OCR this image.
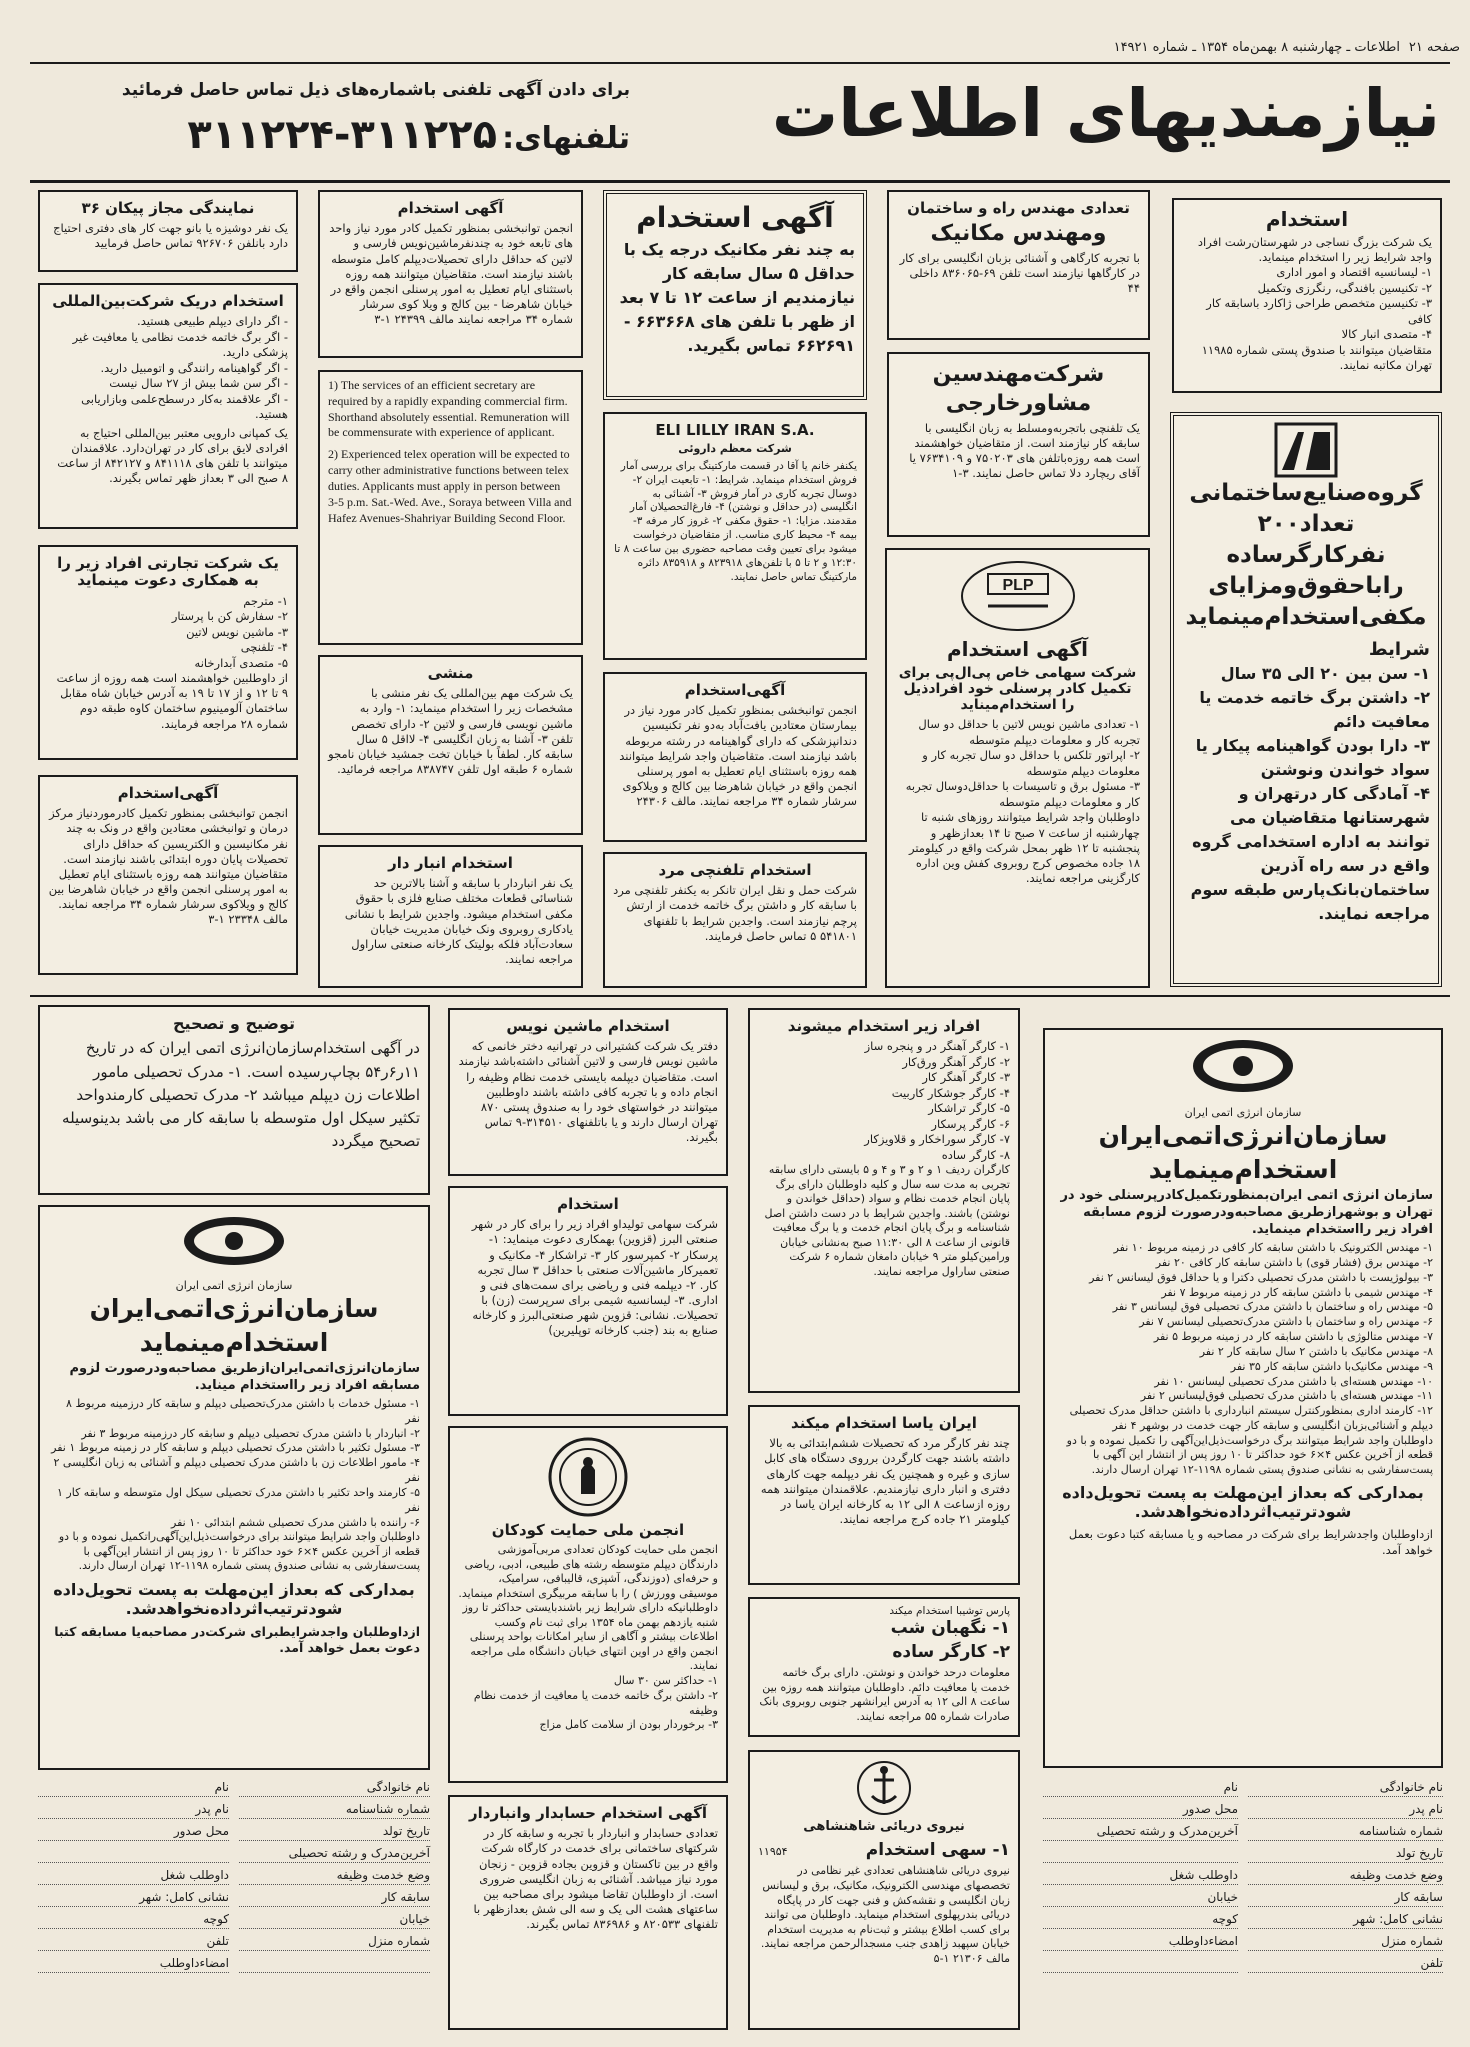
اطلاعات ـ چهارشنبه ۸ بهمن‌ماه ۱۳۵۴ ـ شماره ۱۴۹۲۱ صفحه ۲۱
نیازمندیهای اطلاعات
برای دادن آگهی تلفنی باشماره‌های ذیل تماس حاصل فرمائید
تلفنهای: ۳۱۱۲۲۵-۳۱۱۲۲۴
استخدام

یک شرکت بزرگ نساجی در شهرستان‌رشت افراد واجد شرایط زیر را استخدام مینماید.

۱- لیسانسیه اقتصاد و امور اداری
۲- تکنیسین بافندگی، رنگرزی وتکمیل
۳- تکنیسین متخصص طراحی ژاکارد باسابقه کار کافی
۴- متصدی انبار کالا

متقاضیان میتوانند با صندوق پستی شماره ۱۱۹۸۵ تهران مکاتبه نمایند.

گروه‌صنایع‌ساختمانی
تعداد۲۰۰ نفرکارگرساده
راباحقوق‌ومزایای
مکفی‌استخدام‌مینماید
شرایط
۱- سن بین ۲۰ الی ۳۵ سال
۲- داشتن برگ خاتمه خدمت یا معافیت دائم
۳- دارا بودن گواهینامه پیکار یا سواد خواندن ونوشتن
۴- آمادگی کار درتهران و شهرستانها متقاضیان می توانند به اداره استخدامی گروه واقع در سه راه آذرین ساختمان‌بانک‌پارس طبقه سوم مراجعه نمایند.
تعدادی مهندس راه و ساختمان
ومهندس مکانیک

با تجربه کارگاهی و آشنائی بزبان انگلیسی برای کار در کارگاهها نیازمند است تلفن ۶۹-۸۳۶۰۶۵ داخلی ۴۴

شرکت‌مهندسین
مشاور‌خارجی

یک تلفنچی باتجربه‌ومسلط به زبان انگلیسی با سابقه کار نیازمند است. از متقاضیان خواهشمند است همه روزه‌باتلفن های ۷۵۰۲۰۳ و ۷۶۳۴۱۰۹ یا آقای ریچارد دلا تماس حاصل نمایند. ۳-۱

PLP
آگهی استخدام
شرکت سهامی خاص پی‌ال‌پی برای تکمیل کادر پرسنلی خود افرادذیل را استخدام‌میناید
۱- تعدادی ماشین نویس لاتین با حداقل دو سال تجربه کار و معلومات دیپلم متوسطه
۲- اپراتور تلکس با حداقل دو سال تجربه کار و معلومات دیپلم متوسطه
۳- مسئول برق و تاسیسات با حداقل‌دوسال تجربه کار و معلومات دیپلم متوسطه

داوطلبان واجد شرایط میتوانند روزهای شنبه تا چهارشنبه از ساعت ۷ صبح تا ۱۴ بعدازظهر و پنجشنبه تا ۱۲ ظهر بمحل شرکت واقع در کیلومتر ۱۸ جاده مخصوص کرج روبروی کفش وین اداره کارگزینی مراجعه نمایند.

آگهی استخدام

به چند نفر مکانیک درجه یک با حداقل ۵ سال سابقه کار نیازمندیم از ساعت ۱۲ تا ۷ بعد از ظهر با تلفن های ۶۶۳۶۶۸ - ۶۶۲۶۹۱ تماس بگیرید.

ELI LILLY IRAN S.A.
شرکت معظم داروئی

یکنفر خانم یا آقا در قسمت مارکتینگ برای بررسی آمار فروش استخدام مینماید. شرایط: ۱- تابعیت ایران ۲- دوسال تجربه کاری در آمار فروش ۳- آشنائی به انگلیسی (در حداقل و نوشتن) ۴- فارغ‌التحصیلان آمار مقدمند. مزایا: ۱- حقوق مکفی ۲- غروز کار مرفه ۳- بیمه ۴- محیط کاری مناسب. از متقاضیان درخواست میشود برای تعیین وقت مصاحبه حضوری بین ساعت ۸ تا ۱۲:۳۰ و ۲ تا ۵ با تلفن‌های ۸۲۳۹۱۸ و ۸۳۵۹۱۸ دائره مارکتینگ تماس حاصل نمایند.

آگهی‌استخدام

انجمن توانبخشی بمنظور تکمیل کادر مورد نیاز در بیمارستان معتادین یافت‌آباد به‌دو نفر تکنیسین دندانپزشکی که دارای گواهینامه در رشته مربوطه باشد نیازمند است. متقاضیان واجد شرایط میتوانند همه روزه باستثنای ایام تعطیل به امور پرسنلی انجمن واقع در خیابان شاهرضا بین کالج و ویلاکوی سرشار شماره ۳۴ مراجعه نمایند. مالف ۲۴۳۰۶

استخدام تلفنچی مرد

شرکت حمل و نقل ایران تانکر به یکنفر تلفنچی مرد با سابقه کار و داشتن برگ خاتمه خدمت از ارتش پرچم نیازمند است. واجدین شرایط با تلفنهای ۵۴۱۸۰۱ ۵ تماس حاصل فرمایند.

آگهی استخدام

انجمن توانبخشی بمنظور تکمیل کادر مورد نیاز واحد های تابعه خود به چندنفرماشین‌نویس فارسی و لاتین که حداقل دارای تحصیلات‌دیپلم کامل متوسطه باشند نیازمند است. متقاضیان میتوانند همه روزه باستثنای ایام تعطیل به امور پرسنلی انجمن واقع در خیابان شاهرضا - بین کالج و ویلا کوی سرشار شماره ۳۴ مراجعه نمایند مالف ۲۴۳۹۹ ۱-۳

1) The services of an efficient secretary are required by a rapidly expanding commercial firm. Shorthand absolutely essential. Remuneration will be commensurate with experience of applicant.

2) Experienced telex operation will be expected to carry other administrative functions between telex duties. Applicants must apply in person between 3-5 p.m. Sat.-Wed. Ave., Soraya between Villa and Hafez Avenues-Shahriyar Building Second Floor.

منشی

یک شرکت مهم بین‌المللی یک نفر منشی با مشخصات زیر را استخدام مینماید: ۱- وارد به ماشین نویسی فارسی و لاتین ۲- دارای تخصص تلفن ۳- آشنا به زبان انگلیسی ۴- لااقل ۵ سال سابقه کار. لطفاً با خیابان تخت جمشید خیابان نامجو شماره ۶ طبقه اول تلفن ۸۳۸۷۴۷ مراجعه فرمائید.

استخدام انبار دار

یک نفر انباردار با سابقه و آشنا بالاترین حد شناسائی قطعات مختلف صنایع فلزی با حقوق مکفی استخدام میشود. واجدین شرایط با نشانی یادکاری روبروی ونک خیابان مدیریت خیابان سعادت‌آباد فلکه بولیتک کارخانه صنعتی ساراول مراجعه نمایند.

نمایندگی مجاز پیکان ۳۶

یک نفر دوشیزه یا بانو جهت کار های دفتری احتیاج دارد بانلفن ۹۲۶۷۰۶ تماس حاصل فرمایید

استخدام دریک شرکت‌بین‌المللی
- اگر دارای دیپلم طبیعی هستید.
- اگر برگ خاتمه خدمت نظامی یا معافیت غیر پزشکی دارید.
- اگر گواهینامه رانندگی و اتومبیل دارید.
- اگر سن شما بیش از ۲۷ سال نیست
- اگر علاقمند به‌کار درسطح‌علمی وبازاریابی هستید.

یک کمپانی دارویی معتبر بین‌المللی احتیاج به افرادی لایق برای کار در تهران‌دارد. علاقمندان میتوانند با تلفن های ۸۴۱۱۱۸ و ۸۴۲۱۲۷ از ساعت ۸ صبح الی ۳ بعداز ظهر تماس بگیرند.

یک شرکت تجارتی افراد زیر را به همکاری دعوت مینماید
۱- مترجم
۲- سفارش کن با پرستار
۳- ماشین نویس لاتین
۴- تلفنچی
۵- متصدی آبدارخانه

از داوطلبین خواهشمند است همه روزه از ساعت ۹ تا ۱۲ و از ۱۷ تا ۱۹ به آدرس خیابان شاه مقابل ساختمان آلومینیوم ساختمان کاوه طبقه دوم شماره ۲۸ مراجعه فرمایند.

آگهی‌استخدام

انجمن توانبخشی بمنظور تکمیل کادرموردنیاز مرکز درمان و توانبخشی معتادین واقع در ونک به چند نفر مکانیسین و الکتریسین که حداقل دارای تحصیلات پایان دوره ابتدائی باشند نیازمند است. متقاضیان میتوانند همه روزه باستثنای ایام تعطیل به امور پرسنلی انجمن واقع در خیابان شاهرضا بین کالج و ویلاکوی سرشار شماره ۳۴ مراجعه نمایند. مالف ۲۳۳۴۸ ۱-۳

سازمان انرژی اتمی ایران
سازمان‌انرژی‌اتمی‌ایران
استخدام‌مینماید

سازمان انرژی اتمی ایران‌بمنظورتکمیل‌کادرپرسنلی خود در تهران و بوشهرازطریق مصاحبه‌ودرصورت لزوم مسابقه افراد زیر را‌استخدام مینماید.

۱- مهندس الکترونیک با داشتن سابقه کار کافی در زمینه مربوط ۱۰ نفر
۲- مهندس برق (فشار قوی) با داشتن سابقه کار کافی ۲۰ نفر
۳- بیولوژیست با داشتن مدرک تحصیلی دکترا و یا حداقل فوق لیسانس ۲ نفر
۴- مهندس شیمی با داشتن سابقه کار در زمینه مربوط ۷ نفر
۵- مهندس راه و ساختمان با داشتن مدرک تحصیلی فوق لیسانس ۳ نفر
۶- مهندس راه و ساختمان با داشتن مدرک‌تحصیلی لیسانس ۷ نفر
۷- مهندس متالوژی با داشتن سابقه کار در زمینه مربوط ۵ نفر
۸- مهندس مکانیک با داشتن ۲ سال سابقه کار ۲ نفر
۹- مهندس مکانیک‌با داشتن سابقه کار ۳۵ نفر
۱۰- مهندس هسته‌ای با داشتن مدرک تحصیلی لیسانس ۱۰ نفر
۱۱- مهندس هسته‌ای با داشتن مدرک تحصیلی فوق‌لیسانس ۲ نفر
۱۲- کارمند اداری بمنظورکنترل سیستم انبارداری با داشتن حداقل مدرک تحصیلی دیپلم و آشنائی‌بزبان انگلیسی و سابقه کار جهت خدمت در بوشهر ۴ نفر

داوطلبان واجد شرایط میتوانند برگ درخواست‌ذیل‌این‌آگهی را تکمیل نموده و با دو قطعه از آخرین عکس ۴×۶ خود حداکثر تا ۱۰ روز پس از انتشار این آگهی با پست‌سفارشی به نشانی صندوق پستی شماره ۱۱۹۸-۱۲ تهران ارسال دارند.

بمدارکی که بعداز این‌مهلت به پست تحویل‌داده شودترتیب‌اثرداده‌نخواهدشد.

ازداوطلبان واجدشرایط برای شرکت در مصاحبه و یا مسابقه کتبا دعوت بعمل خواهد آمد.

نام خانوادگی
نام
نام پدر
محل صدور
شماره شناسنامه
آخرین‌مدرک و رشته تحصیلی
تاریخ تولد
وضع خدمت وظیفه
داوطلب شغل
سابقه کار
خیابان
نشانی کامل: شهر
کوچه
شماره منزل
امضاء‌داوطلب
تلفن
افراد زیر استخدام میشوند
۱- کارگر آهنگر در و پنجره ساز
۲- کارگر آهنگر ورق‌کار
۳- کارگر آهنگر کار
۴- کارگر جوشکار کاربیت
۵- کارگر تراشکار
۶- کارگر پرسکار
۷- کارگر سوراخکار و قلاویزکار
۸- کارگر ساده

کارگران ردیف ۱ و ۲ و ۳ و ۴ و ۵ بایستی دارای سابقه تجربی به مدت سه سال و کلیه داوطلبان دارای برگ پایان انجام خدمت نظام و سواد (حداقل خواندن و نوشتن) باشند. واجدین شرایط با در دست داشتن اصل شناسنامه و برگ پایان انجام خدمت و یا برگ معافیت قانونی از ساعت ۸ الی ۱۱:۳۰ صبح به‌نشانی خیابان ورامین‌کیلو متر ۹ خیابان دامغان شماره ۶ شرکت صنعتی ساراول مراجعه نمایند.

ایران یاسا استخدام میکند

چند نفر کارگر مرد که تحصیلات ششم‌ابتدائی به بالا داشته باشند جهت کارگردن برروی دستگاه های کابل سازی و غیره و همچنین‌ یک‌ نفر دیپلمه جهت کارهای دفتری و انبار داری نیازمندیم. علاقمندان میتوانند همه روزه از‌ساعت ۸ الی ۱۲ به کارخانه ایران یاسا در کیلومتر ۲۱ جاده کرج مراجعه نمایند.

پارس توشیبا استخدام میکند
۱- نگهبان شب
۲- کارگر ساده

معلومات درحد خواندن و نوشتن. دارای برگ خاتمه خدمت یا معافیت دائم. داوطلبان میتوانند همه روزه بین ساعت ۸ الی ۱۲ به آدرس ایرانشهر جنوبی روبروی بانک صادرات شماره ۵۵ مراجعه نمایند.

نیروی دریائی شاهنشاهی
۱- سهی استخدام
۱۱۹۵۴

نیروی دریائی شاهنشاهی تعدادی غیر نظامی در تخصصهای مهندسی الکترونیک، مکانیک، برق و لیسانس زبان انگلیسی و نقشه‌کش و فنی جهت کار در پایگاه دریائی بندرپهلوی استخدام مینماید. داوطلبان می توانند برای کسب اطلاع بیشتر و ثبت‌نام به مدیریت استخدام خیابان سپهبد زاهدی جنب مسجدالرحمن مراجعه نمایند. مالف ۲۱۳۰۶ ۱-۵

استخدام ماشین نویس

دفتر یک شرکت کشتیرانی در تهرانیه دختر خانمی که ماشین نویس فارسی و لاتین آشنائی داشته‌باشد نیازمند است. متقاضیان دیپلمه بایستی خدمت نظام وظیفه را انجام داده و با تجربه کافی داشته باشند داوطلبین میتوانند در خواستهای خود را به صندوق پستی ۸۷۰ تهران ارسال دارند و یا باتلفنهای ۳۱۴۵۱۰-۹ تماس بگیرند.

استخدام

شرکت سهامی تولیداو افراد زیر را برای کار در شهر صنعتی البرز (قزوین) بهمکاری دعوت مینماید: ۱- پرسکار ۲- کمپرسور کار ۳- تراشکار ۴- مکانیک و تعمیرکار ماشین‌آلات صنعتی با حداقل ۳ سال تجربه کار. ۲- دیپلمه فنی و ریاضی برای سمت‌های فنی و اداری. ۳- لیسانسیه شیمی برای سرپرست (زن) با تحصیلات. نشانی: قزوین شهر صنعتی‌البرز و کارخانه صنایع به بند (جنب کارخانه توپلیرین)

انجمن ملی حمایت کودکان

انجمن ملی حمایت کودکان تعدادی مربی‌آموزشی دارندگان دیپلم متوسطه رشته های طبیعی، ادبی، ریاضی و حرفه‌ای (دوزندگی، آشپزی، قالیبافی، سرامیک، موسیقی وورزش ) را با سابقه مربیگری استخدام مینماید. داوطلبانیکه دارای شرایط زیر باشند‌بایستی حداکثر تا روز شنبه یازدهم بهمن ماه ۱۳۵۴ برای ثبت نام وکسب اطلاعات بیشتر و آگاهی از سایر امکانات بواحد پرسنلی انجمن واقع در اوین انتهای خیابان دانشگاه ملی مراجعه نمایند.

۱- حداکثر سن ۳۰ سال
۲- داشتن برگ خاتمه خدمت یا معافیت از خدمت نظام وظیفه
۳- برخوردار بودن از سلامت کامل مزاج
آگهی استخدام حسابدار وانباردار

تعدادی حسابدار و انباردار با تجربه و سابقه کار در شرکتهای ساختمانی برای خدمت در کارگاه شرکت‌ واقع‌ در بین‌ تاکستان و قزوین بجاده قزوین - زنجان مورد نیاز میباشد. آشنائی به زبان انگلیسی ضروری است. از داوطلبان تقاضا میشود برای مصاحبه بین ساعتهای هشت الی یک و سه الی شش بعدازظهر با تلفنهای ۸۲۰۵۳۳ و ۸۳۶۹۸۶ تماس بگیرند.

توضیح و تصحیح

در آگهی استخدام‌سازمان‌انرژی اتمی ایران که در تاریخ ۱۱ر۶ر۵۴ بچاپ‌رسیده است. ۱- مدرک تحصیلی مامور اطلاعات زن دیپلم میباشد ۲- مدرک تحصیلی کارمندواحد تکثیر سیکل اول متوسطه با سابقه کار می باشد بدینوسیله تصحیح میگردد

سازمان انرژی اتمی ایران
سازمان‌انرژی‌اتمی‌ایران
استخدام‌مینماید

سازمان‌انرژی‌اتمی‌ایران‌ازطریق مصاحبه‌ودرصورت لزوم مسابقه افراد زیر را‌استخدام میناید.

۱- مسئول خدمات با داشتن مدرک‌تحصیلی دیپلم و سابقه کار درزمینه مربوط ۸ نفر
۲- انباردار با داشتن مدرک تحصیلی دیپلم و سابقه کار درزمینه مربوط ۳ نفر
۳- مسئول تکثیر با داشتن مدرک تحصیلی دیپلم و سابقه کار در زمینه مربوط ۱ نفر
۴- مامور اطلاعات زن با داشتن مدرک تحصیلی دیپلم و آشنائی به زبان انگلیسی ۲ نفر
۵- کارمند واحد تکثیر با داشتن مدرک تحصیلی سیکل اول متوسطه و سابقه کار ۱ نفر
۶- راننده با داشتن مدرک تحصیلی ششم ابتدائی ۱۰ نفر

داوطلبان واجد شرایط میتوانند برای درخواست‌ذیل‌این‌آگهی‌را‌تکمیل نموده و با دو قطعه از آخرین عکس ۴×۶ خود حداکثر تا ۱۰ روز پس از انتشار این‌آگهی با پست‌سفارشی به نشانی صندوق پستی شماره ۱۱۹۸-۱۲ تهران ارسال دارند.

بمدارکی که بعداز این‌مهلت به پست تحویل‌داده شودترتیب‌اثرداده‌نخواهدشد.

ازداوطلبان واجدشرایطبرای شرکت‌در مصاحبه‌یا مسابقه کتبا دعوت بعمل خواهد آمد.

نام خانوادگی
نام
شماره شناسنامه
نام پدر
تاریخ تولد
محل صدور
آخرین‌مدرک و رشته تحصیلی
وضع خدمت وظیفه
داوطلب شغل
سابقه کار
نشانی کامل: شهر
خیابان
کوچه
شماره منزل
تلفن
امضاء‌داوطلب
